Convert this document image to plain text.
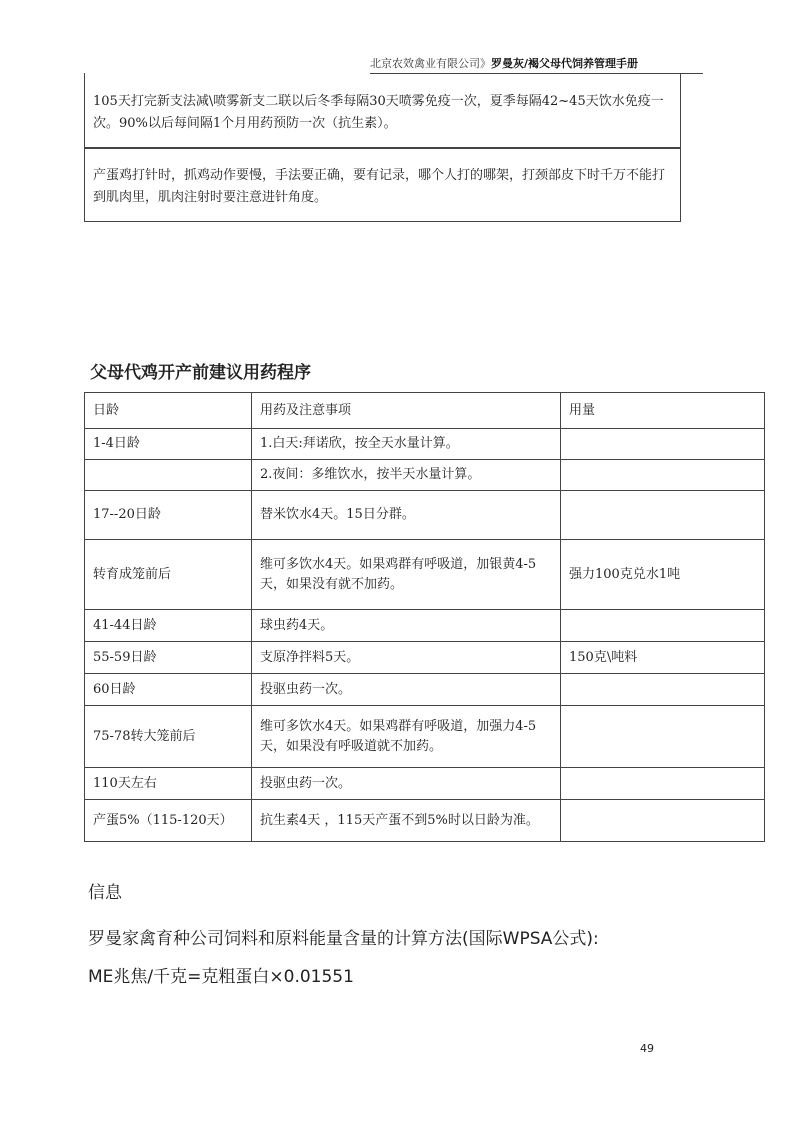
北京农效禽业有限公司》罗曼灰/褐父母代饲养管理手册
105天打完新支法减\喷雾新支二联以后冬季每隔30天喷雾免疫一次，夏季每隔42~45天饮水免疫一次。90%以后每间隔1个月用药预防一次（抗生素）。
产蛋鸡打针时，抓鸡动作要慢，手法要正确，要有记录，哪个人打的哪架，打颈部皮下时千万不能打到肌肉里，肌肉注射时要注意进针角度。
父母代鸡开产前建议用药程序
日龄	用药及注意事项	用量
1-4日龄	1.白天:拜诺欣，按全天水量计算。	
	2.夜间：多维饮水，按半天水量计算。	
17--20日龄	替米饮水4天。15日分群。	
转育成笼前后	维可多饮水4天。如果鸡群有呼吸道，加银黄4-5天，如果没有就不加药。	强力100克兑水1吨
41-44日龄	球虫药4天。	
55-59日龄	支原净拌料5天。	150克\吨料
60日龄	投驱虫药一次。	
75-78转大笼前后	维可多饮水4天。如果鸡群有呼吸道，加强力4-5天，如果没有呼吸道就不加药。	
110天左右	投驱虫药一次。	
产蛋5%（115-120天）	抗生素4天 ，115天产蛋不到5%时以日龄为准。	
信息
罗曼家禽育种公司饲料和原料能量含量的计算方法(国际WPSA公式):
ME兆焦/千克=克粗蛋白×0.01551
49
